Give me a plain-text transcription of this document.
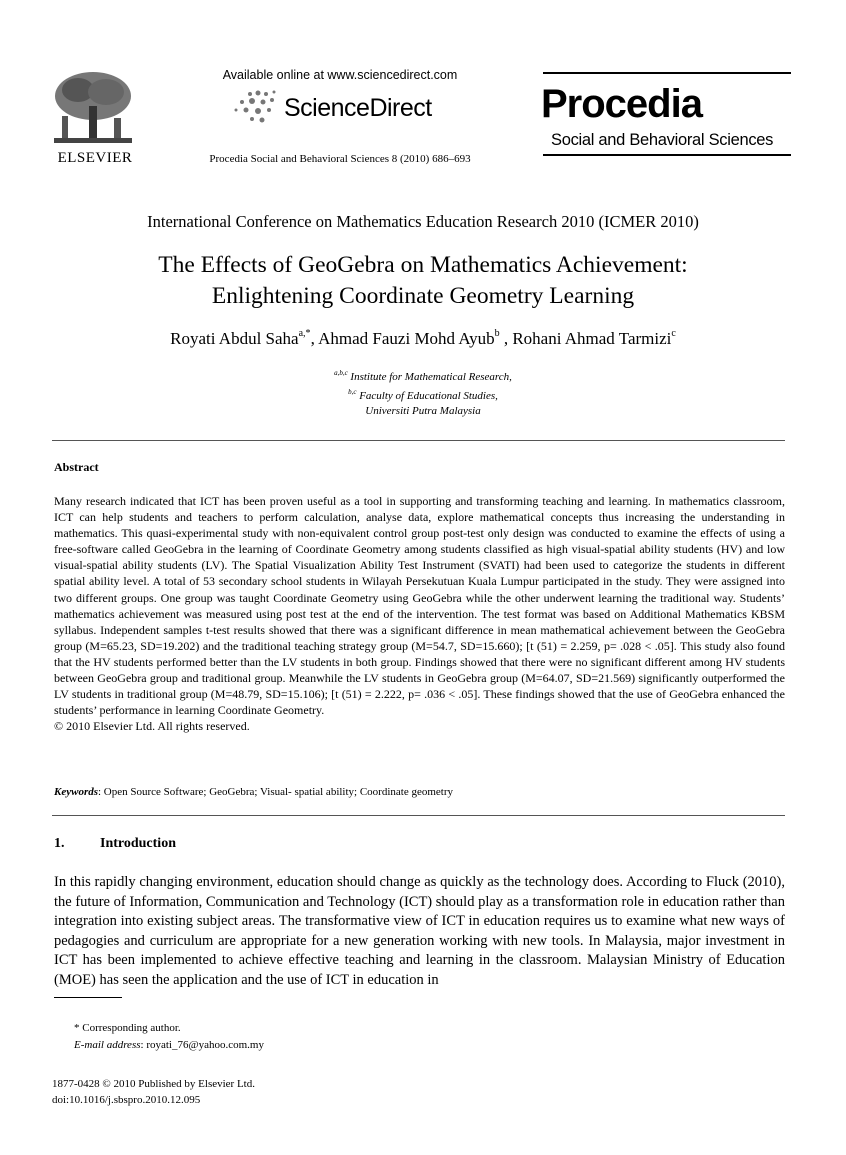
ELSEVIER
Available online at www.sciencedirect.com
ScienceDirect
Procedia Social and Behavioral Sciences 8 (2010) 686–693
Procedia
Social and Behavioral Sciences
International Conference on Mathematics Education Research 2010 (ICMER 2010)
The Effects of GeoGebra on Mathematics Achievement:
Enlightening Coordinate Geometry Learning
Royati Abdul Saha$^{a,*}$, Ahmad Fauzi Mohd Ayub$^b$ , Rohani Ahmad Tarmizi$^c$
$^{a,b,c}$ Institute for Mathematical Research,
$^{b,c}$ Faculty of Educational Studies,
Universiti Putra Malaysia
Abstract
Many research indicated that ICT has been proven useful as a tool in supporting and transforming teaching and learning. In mathematics classroom, ICT can help students and teachers to perform calculation, analyse data, explore mathematical concepts thus increasing the understanding in mathematics. This quasi-experimental study with non-equivalent control group post-test only design was conducted to examine the effects of using a free-software called GeoGebra in the learning of Coordinate Geometry among students classified as high visual-spatial ability students (HV) and low visual-spatial ability students (LV). The Spatial Visualization Ability Test Instrument (SVATI) had been used to categorize the students in different spatial ability level. A total of 53 secondary school students in Wilayah Persekutuan Kuala Lumpur participated in the study. They were assigned into two different groups. One group was taught Coordinate Geometry using GeoGebra while the other underwent learning the traditional way. Students’ mathematics achievement was measured using post test at the end of the intervention. The test format was based on Additional Mathematics KBSM syllabus. Independent samples t-test results showed that there was a significant difference in mean mathematical achievement between the GeoGebra group (M=65.23, SD=19.202) and the traditional teaching strategy group (M=54.7, SD=15.660); [t (51) = 2.259, p= .028 < .05]. This study also found that the HV students performed better than the LV students in both group. Findings showed that there were no significant different among HV students between GeoGebra group and traditional group. Meanwhile the LV students in GeoGebra group (M=64.07, SD=21.569) significantly outperformed the LV students in traditional group (M=48.79, SD=15.106); [t (51) = 2.222, p= .036 < .05]. These findings showed that the use of GeoGebra enhanced the students’ performance in learning Coordinate Geometry.
© 2010 Elsevier Ltd. All rights reserved.
Keywords: Open Source Software; GeoGebra; Visual- spatial ability; Coordinate geometry
1.	Introduction
In this rapidly changing environment, education should change as quickly as the technology does. According to Fluck (2010), the future of Information, Communication and Technology (ICT) should play as a transformation role in education rather than integration into existing subject areas. The transformative view of ICT in education requires us to examine what new ways of pedagogies and curriculum are appropriate for a new generation working with new tools. In Malaysia, major investment in ICT has been implemented to achieve effective teaching and learning in the classroom. Malaysian Ministry of Education (MOE) has seen the application and the use of ICT in education in
* Corresponding author.
E-mail address: royati_76@yahoo.com.my
1877-0428 © 2010 Published by Elsevier Ltd.
doi:10.1016/j.sbspro.2010.12.095
